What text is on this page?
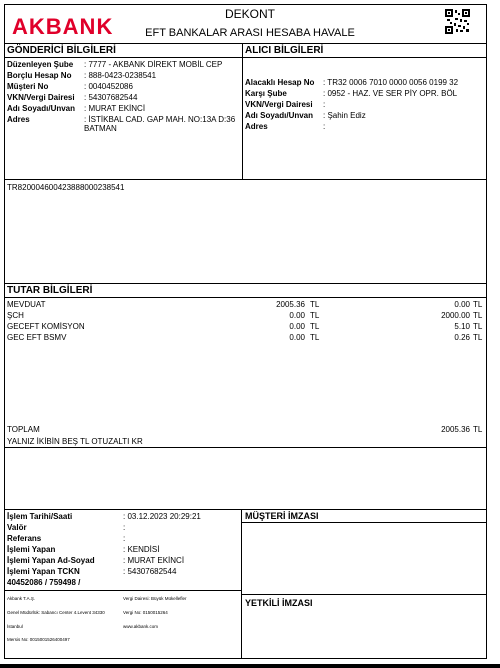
AKBANK	DEKONT
EFT BANKALAR ARASI HESABA HAVALE
GÖNDERİCİ BİLGİLERİ
Düzenleyen Şube : 7777 - AKBANK DİREKT MOBİL CEP
Borçlu Hesap No : 888-0423-0238541
Müşteri No	: 0040452086
VKN/Vergi Dairesi : 54307682544
Adı Soyadı/Unvan : MURAT EKİNCİ
Adres	: İSTİKBAL CAD. GAP MAH. NO:13A D:36
BATMAN
ALICI BİLGİLERİ
Alacaklı Hesap No : TR32 0006 7010 0000 0056 0199 32
Karşı Şube	: 0952 - HAZ. VE SER PİY OPR. BÖL
VKN/Vergi Dairesi :
Adı Soyadı/Unvan : Şahin Ediz
Adres	:
TR820004600423888000238541
TUTAR BİLGİLERİ
MEVDUAT	2005.36 TL	0.00 TL
ŞCH	0.00 TL	2000.00 TL
GECEFT KOMİSYON	0.00 TL	5.10 TL
GEC EFT BSMV	0.00 TL	0.26 TL
TOPLAM	2005.36 TL
YALNIZ İKİBİN BEŞ TL OTUZALTI KR
İşlem Tarihi/Saati	: 03.12.2023 20:29:21
Valör	:
Referans	:
İşlemi Yapan	: KENDİSİ
İşlemi Yapan Ad-Soyad	: MURAT EKİNCİ
İşlemi Yapan TCKN	: 54307682544
40452086 / 759498 /
MÜŞTERİ İMZASI
YETKİLİ İMZASI
Akbank T.A.Ş.	Vergi Dairesi: Büyük Mükellefler
Genel Müdürlük: Sabancı Center 4.Levent 34330	Vergi No: 0150015264
İstanbul	www.akbank.com
Mersis No: 0015001526400497
